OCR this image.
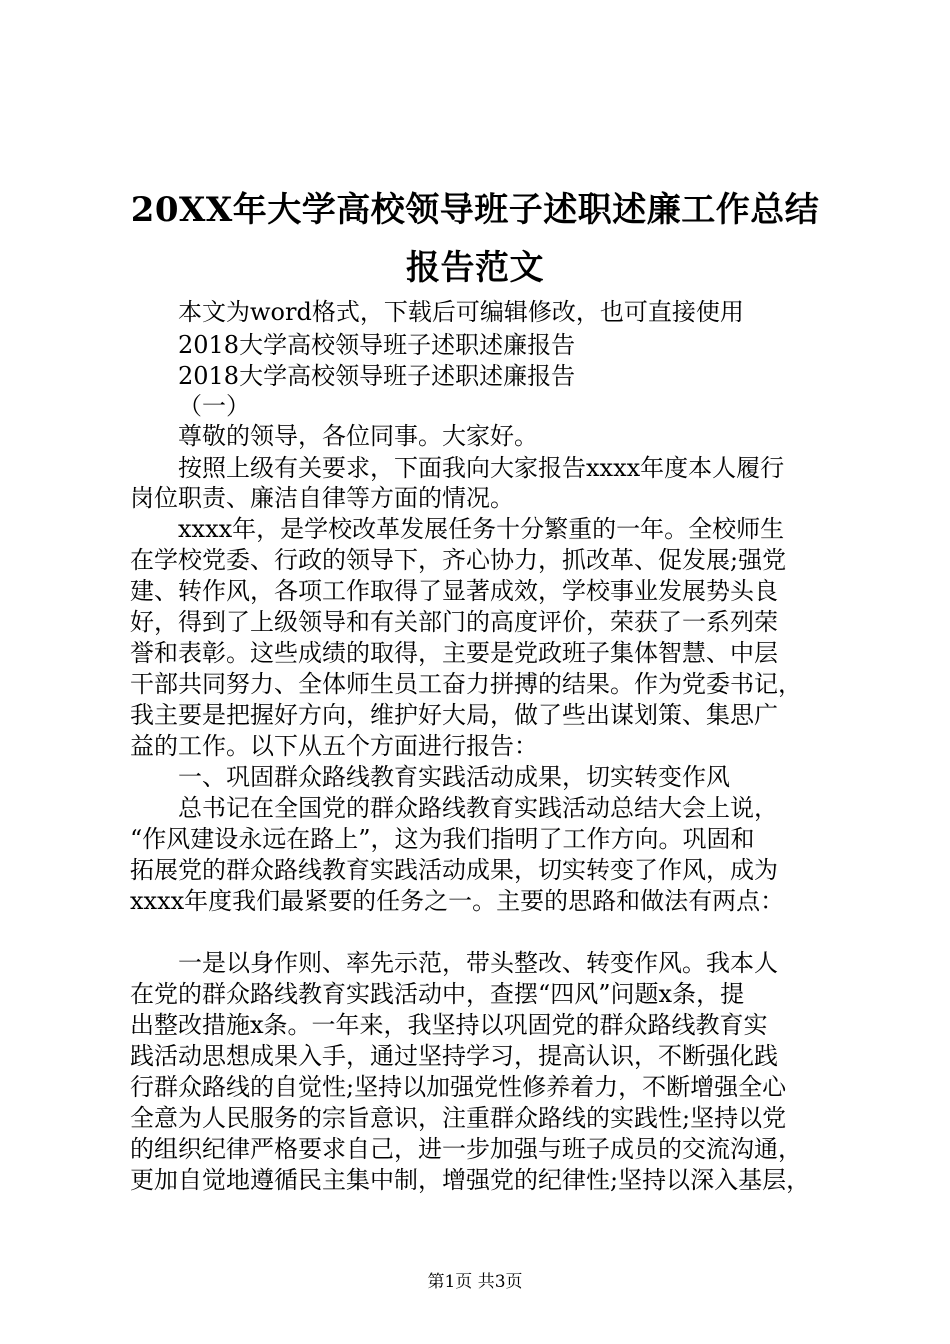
20XX年大学高校领导班子述职述廉工作总结
报告范文
本文为word格式，下载后可编辑修改，也可直接使用
2018大学高校领导班子述职述廉报告
2018大学高校领导班子述职述廉报告
（一）
尊敬的领导，各位同事。大家好。
按照上级有关要求，下面我向大家报告xxxx年度本人履行
岗位职责、廉洁自律等方面的情况。
xxxx年，是学校改革发展任务十分繁重的一年。全校师生
在学校党委、行政的领导下，齐心协力，抓改革、促发展;强党
建、转作风，各项工作取得了显著成效，学校事业发展势头良
好，得到了上级领导和有关部门的高度评价，荣获了一系列荣
誉和表彰。这些成绩的取得，主要是党政班子集体智慧、中层
干部共同努力、全体师生员工奋力拼搏的结果。作为党委书记，
我主要是把握好方向，维护好大局，做了些出谋划策、集思广
益的工作。以下从五个方面进行报告：
一、巩固群众路线教育实践活动成果，切实转变作风
总书记在全国党的群众路线教育实践活动总结大会上说，
“作风建设永远在路上”，这为我们指明了工作方向。巩固和
拓展党的群众路线教育实践活动成果，切实转变了作风，成为
xxxx年度我们最紧要的任务之一。主要的思路和做法有两点：
一是以身作则、率先示范，带头整改、转变作风。我本人
在党的群众路线教育实践活动中，查摆“四风”问题x条，提
出整改措施x条。一年来，我坚持以巩固党的群众路线教育实
践活动思想成果入手，通过坚持学习，提高认识，不断强化践
行群众路线的自觉性;坚持以加强党性修养着力，不断增强全心
全意为人民服务的宗旨意识，注重群众路线的实践性;坚持以党
的组织纪律严格要求自己，进一步加强与班子成员的交流沟通，
更加自觉地遵循民主集中制，增强党的纪律性;坚持以深入基层，
第1页 共3页
